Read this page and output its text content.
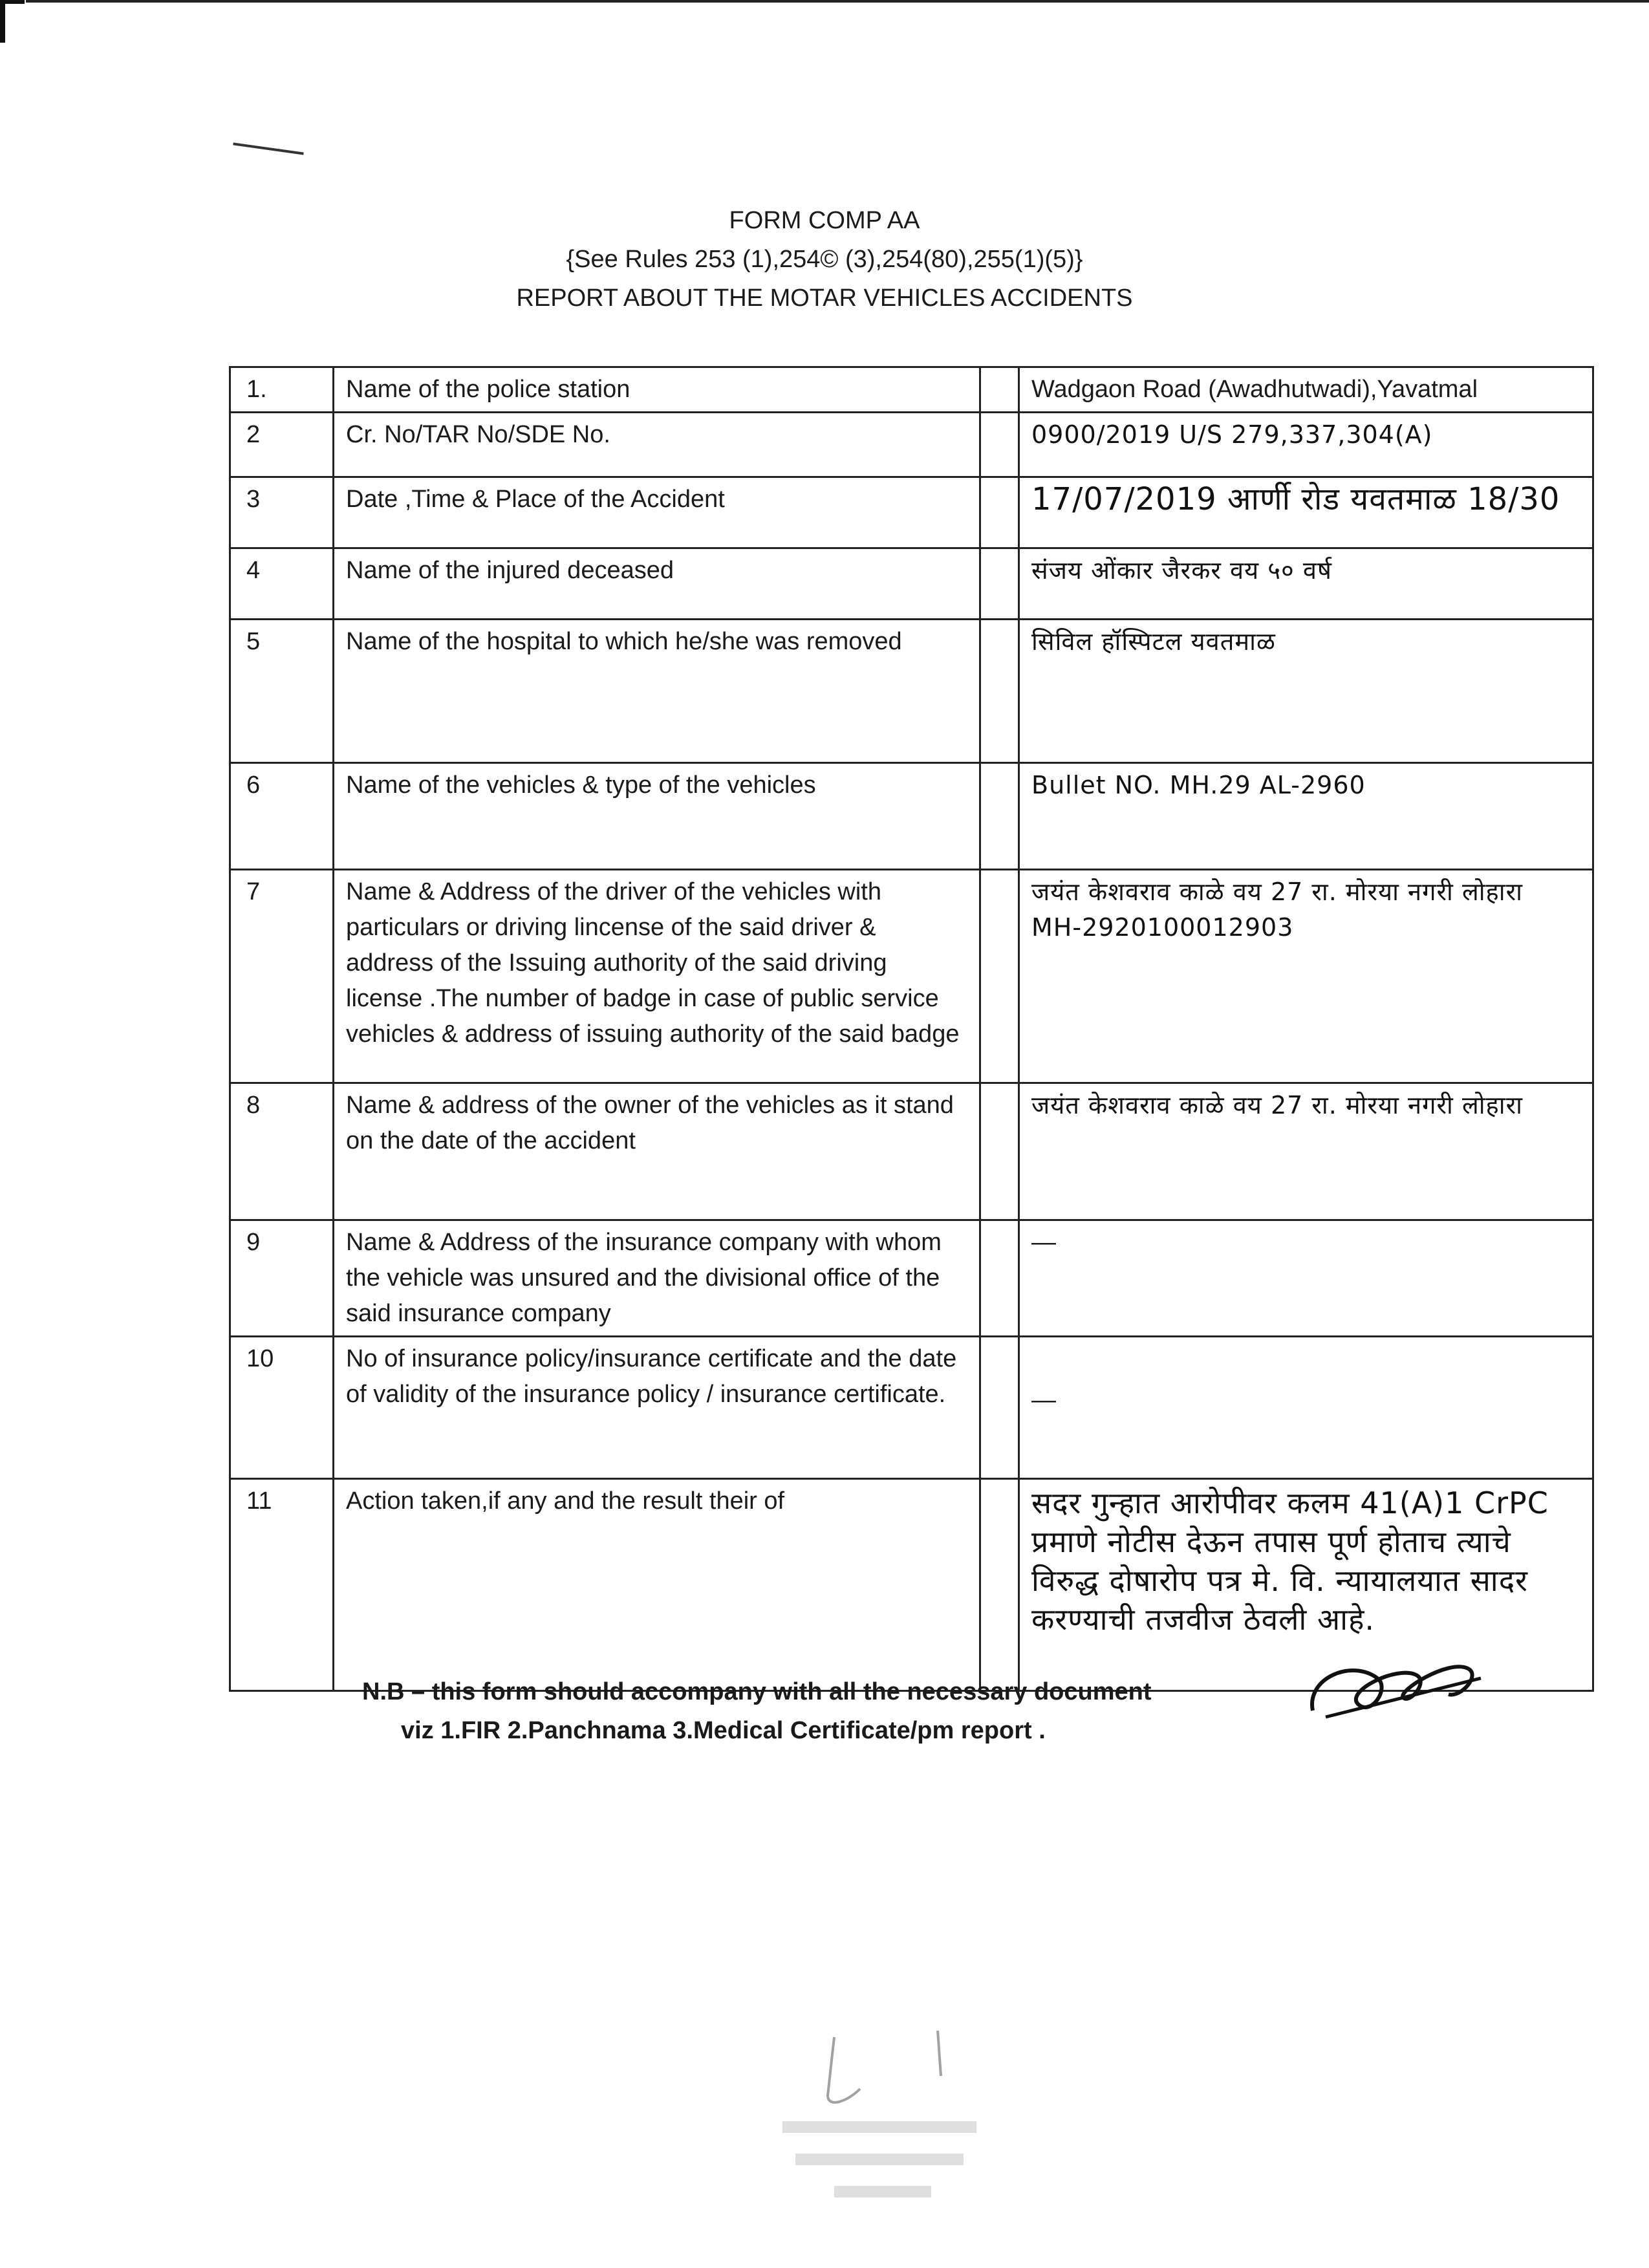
FORM COMP AA
{See Rules 253 (1),254© (3),254(80),255(1)(5)}
REPORT ABOUT THE MOTAR VEHICLES ACCIDENTS
1.	Name of the police station		Wadgaon Road (Awadhutwadi),Yavatmal
2	Cr. No/TAR No/SDE No.		0900/2019 U/S 279,337,304(A)
3	Date ,Time & Place of the Accident		17/07/2019 आर्णी रोड यवतमाळ 18/30
4	Name of the injured deceased		संजय ओंकार जैरकर वय ५० वर्ष
5	Name of the hospital to which he/she was removed		सिविल हॉस्पिटल यवतमाळ
6	Name of the vehicles & type of the vehicles		Bullet NO. MH.29 AL-2960
7	Name & Address of the driver of the vehicles with particulars or driving lincense of the said driver & address of the Issuing authority of the said driving license .The number of badge in case of public service vehicles & address of issuing authority of the said badge		जयंत केशवराव काळे वय 27 रा. मोरया नगरी लोहारा MH-2920100012903
8	Name & address of the owner of the vehicles as it stand on the date of the accident		जयंत केशवराव काळे वय 27 रा. मोरया नगरी लोहारा
9	Name & Address of the insurance company with whom the vehicle was unsured and the divisional office of the said insurance company		—
10	No of insurance policy/insurance certificate and the date of validity of the insurance policy / insurance certificate.		—
11	Action taken,if any and the result their of		सदर गुन्हात आरोपीवर कलम 41(A)1 CrPC प्रमाणे नोटीस देऊन तपास पूर्ण होताच त्याचे विरुद्ध दोषारोप पत्र मे. वि. न्यायालयात सादर करण्याची तजवीज ठेवली आहे.
N.B – this form should accompany with all the necessary document
viz 1.FIR 2.Panchnama 3.Medical Certificate/pm report .
